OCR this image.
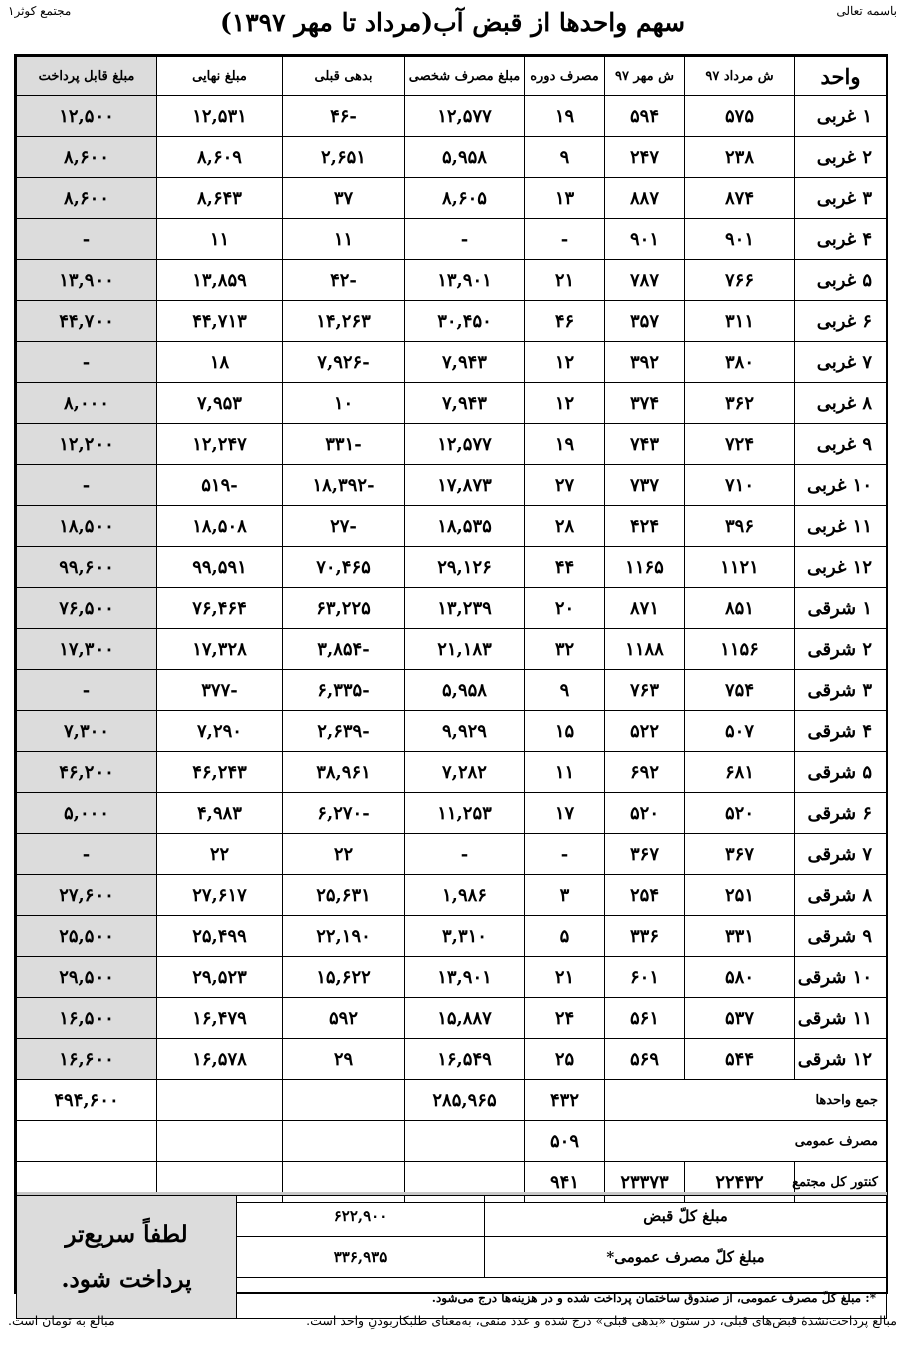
باسمه تعالی
مجتمع کوثر۱	سهم واحدها از قبض آب(مرداد تا مهر ۱۳۹۷)
واحد	ش مرداد ۹۷	ش مهر ۹۷	مصرف دوره	مبلغ مصرف شخصی	بدهی قبلی	مبلغ نهایی	مبلغ قابل پرداخت
۱ غربی	۵۷۵	۵۹۴	۱۹	۱۲,۵۷۷	-۴۶	۱۲,۵۳۱	۱۲,۵۰۰
۲ غربی	۲۳۸	۲۴۷	۹	۵,۹۵۸	۲,۶۵۱	۸,۶۰۹	۸,۶۰۰
۳ غربی	۸۷۴	۸۸۷	۱۳	۸,۶۰۵	۳۷	۸,۶۴۳	۸,۶۰۰
۴ غربی	۹۰۱	۹۰۱	-	-	۱۱	۱۱	-
۵ غربی	۷۶۶	۷۸۷	۲۱	۱۳,۹۰۱	-۴۲	۱۳,۸۵۹	۱۳,۹۰۰
۶ غربی	۳۱۱	۳۵۷	۴۶	۳۰,۴۵۰	۱۴,۲۶۳	۴۴,۷۱۳	۴۴,۷۰۰
۷ غربی	۳۸۰	۳۹۲	۱۲	۷,۹۴۳	-۷,۹۲۶	۱۸	-
۸ غربی	۳۶۲	۳۷۴	۱۲	۷,۹۴۳	۱۰	۷,۹۵۳	۸,۰۰۰
۹ غربی	۷۲۴	۷۴۳	۱۹	۱۲,۵۷۷	-۳۳۱	۱۲,۲۴۷	۱۲,۲۰۰
۱۰ غربی	۷۱۰	۷۳۷	۲۷	۱۷,۸۷۳	-۱۸,۳۹۲	-۵۱۹	-
۱۱ غربی	۳۹۶	۴۲۴	۲۸	۱۸,۵۳۵	-۲۷	۱۸,۵۰۸	۱۸,۵۰۰
۱۲ غربی	۱۱۲۱	۱۱۶۵	۴۴	۲۹,۱۲۶	۷۰,۴۶۵	۹۹,۵۹۱	۹۹,۶۰۰
۱ شرقی	۸۵۱	۸۷۱	۲۰	۱۳,۲۳۹	۶۳,۲۲۵	۷۶,۴۶۴	۷۶,۵۰۰
۲ شرقی	۱۱۵۶	۱۱۸۸	۳۲	۲۱,۱۸۳	-۳,۸۵۴	۱۷,۳۲۸	۱۷,۳۰۰
۳ شرقی	۷۵۴	۷۶۳	۹	۵,۹۵۸	-۶,۳۳۵	-۳۷۷	-
۴ شرقی	۵۰۷	۵۲۲	۱۵	۹,۹۲۹	-۲,۶۳۹	۷,۲۹۰	۷,۳۰۰
۵ شرقی	۶۸۱	۶۹۲	۱۱	۷,۲۸۲	۳۸,۹۶۱	۴۶,۲۴۳	۴۶,۲۰۰
۶ شرقی	۵۲۰	۵۲۰	۱۷	۱۱,۲۵۳	-۶,۲۷۰	۴,۹۸۳	۵,۰۰۰
۷ شرقی	۳۶۷	۳۶۷	-	-	۲۲	۲۲	-
۸ شرقی	۲۵۱	۲۵۴	۳	۱,۹۸۶	۲۵,۶۳۱	۲۷,۶۱۷	۲۷,۶۰۰
۹ شرقی	۳۳۱	۳۳۶	۵	۳,۳۱۰	۲۲,۱۹۰	۲۵,۴۹۹	۲۵,۵۰۰
۱۰ شرقی	۵۸۰	۶۰۱	۲۱	۱۳,۹۰۱	۱۵,۶۲۲	۲۹,۵۲۳	۲۹,۵۰۰
۱۱ شرقی	۵۳۷	۵۶۱	۲۴	۱۵,۸۸۷	۵۹۲	۱۶,۴۷۹	۱۶,۵۰۰
۱۲ شرقی	۵۴۴	۵۶۹	۲۵	۱۶,۵۴۹	۲۹	۱۶,۵۷۸	۱۶,۶۰۰
جمع واحدها			۴۳۲	۲۸۵,۹۶۵			۴۹۴,۶۰۰
مصرف عمومی			۵۰۹				
کنتور کل مجتمع	۲۲۴۳۲	۲۳۳۷۳	۹۴۱				

مبلغ کلّ قبض	۶۲۲,۹۰۰	لطفاً سریع‌تر
پرداخت شود.

مبلغ کلّ مصرف عمومی*	۳۳۶,۹۳۵	
*: مبلغ کلّ مصرف عمومی، از صندوق ساختمان پرداخت شده و در هزینه‌ها درج می‌شود.		
مبالغ پرداخت‌نشدهٔ قبض‌های قبلی، در ستون «بدهی قبلی» درج شده و عدد منفی، به‌معنای طلبکاربودنِ واحد است.
مبالغ به تومان است.
